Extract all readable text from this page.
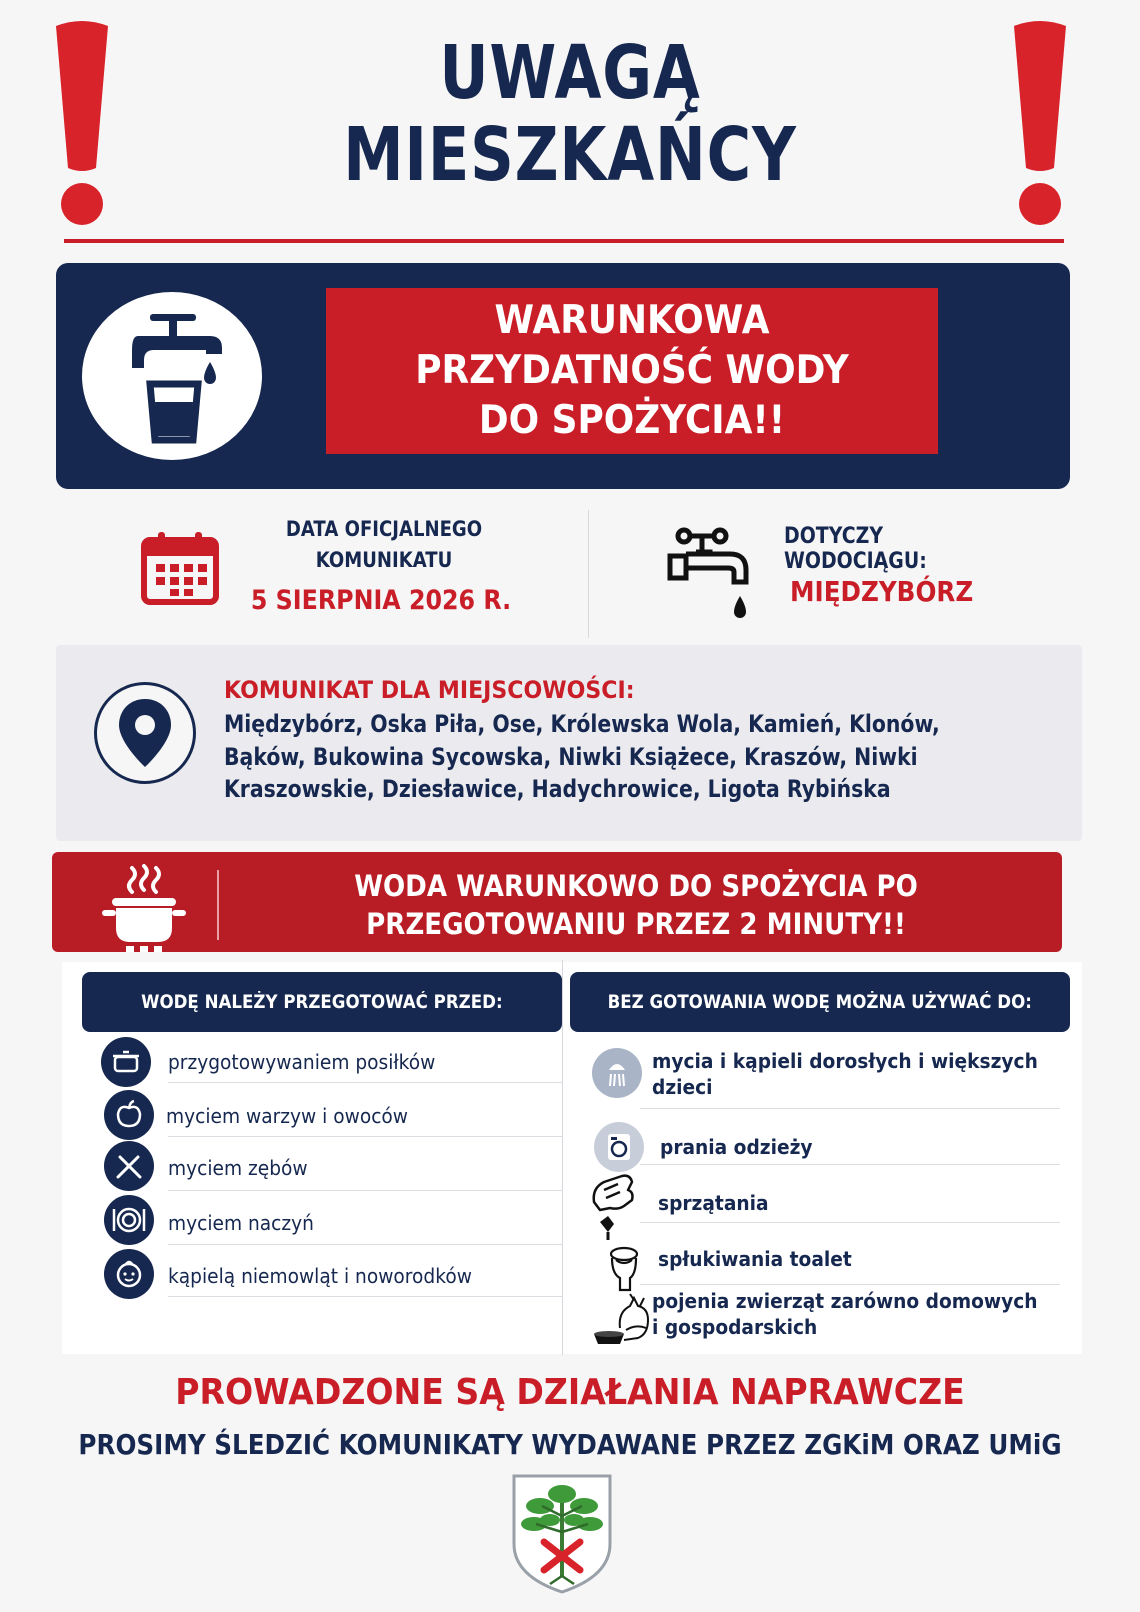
UWAGĄ
MIESZKAŃCY
WARUNKOWA
PRZYDATNOŚĆ WODY
DO SPOŻYCIA!!
DATA OFICJALNEGO
KOMUNIKATU
5 SIERPNIA 2026 R.
DOTYCZY WODOCIĄGU:
MIĘDZYBÓRZ
KOMUNIKAT DLA MIEJSCOWOŚCI:
Międzybórz, Oska Piła, Ose, Królewska Wola, Kamień, Klonów,
Bąków, Bukowina Sycowska, Niwki Książece, Kraszów, Niwki
Kraszowskie, Dziesławice, Hadychrowice, Ligota Rybińska
WODA WARUNKOWO DO SPOŻYCIA PO
PRZEGOTOWANIU PRZEZ 2 MINUTY!!
WODĘ NALEŻY PRZEGOTOWAĆ PRZED:	BEZ GOTOWANIA WODĘ MOŻNA UŻYWAĆ DO:
przygotowywaniem posiłków
myciem warzyw i owoców
myciem zębów
myciem naczyń
kąpielą niemowląt i noworodków
mycia i kąpieli dorosłych i większych
dzieci
prania odzieży
sprzątania
spłukiwania toalet
pojenia zwierząt zarówno domowych
i gospodarskich
PROWADZONE SĄ DZIAŁANIA NAPRAWCZE
PROSIMY ŚLEDZIĆ KOMUNIKATY WYDAWANE PRZEZ ZGKiM ORAZ UMiG
